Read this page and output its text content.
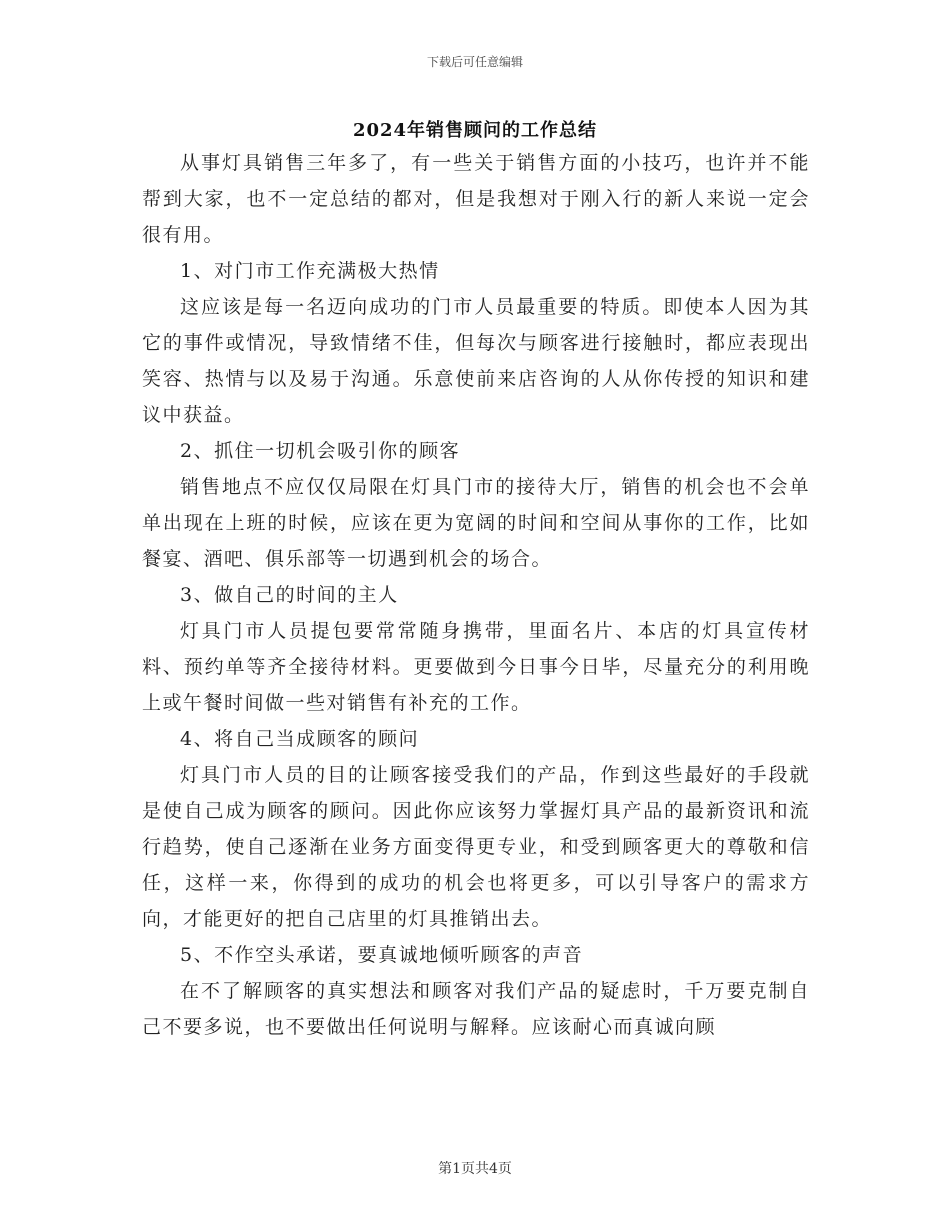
下载后可任意编辑
2024年销售顾问的工作总结

从事灯具销售三年多了，有一些关于销售方面的小技巧，也许并不能帮到大家，也不一定总结的都对，但是我想对于刚入行的新人来说一定会很有用。

1、对门市工作充满极大热情

这应该是每一名迈向成功的门市人员最重要的特质。即使本人因为其它的事件或情况，导致情绪不佳，但每次与顾客进行接触时，都应表现出笑容、热情与以及易于沟通。乐意使前来店咨询的人从你传授的知识和建议中获益。

2、抓住一切机会吸引你的顾客

销售地点不应仅仅局限在灯具门市的接待大厅，销售的机会也不会单单出现在上班的时候，应该在更为宽阔的时间和空间从事你的工作，比如餐宴、酒吧、俱乐部等一切遇到机会的场合。

3、做自己的时间的主人

灯具门市人员提包要常常随身携带，里面名片、本店的灯具宣传材料、预约单等齐全接待材料。更要做到今日事今日毕，尽量充分的利用晚上或午餐时间做一些对销售有补充的工作。

4、将自己当成顾客的顾问

灯具门市人员的目的让顾客接受我们的产品，作到这些最好的手段就是使自己成为顾客的顾问。因此你应该努力掌握灯具产品的最新资讯和流行趋势，使自己逐渐在业务方面变得更专业，和受到顾客更大的尊敬和信任，这样一来，你得到的成功的机会也将更多，可以引导客户的需求方向，才能更好的把自己店里的灯具推销出去。

5、不作空头承诺，要真诚地倾听顾客的声音

在不了解顾客的真实想法和顾客对我们产品的疑虑时，千万要克制自己不要多说，也不要做出任何说明与解释。应该耐心而真诚向顾

第1页共4页
